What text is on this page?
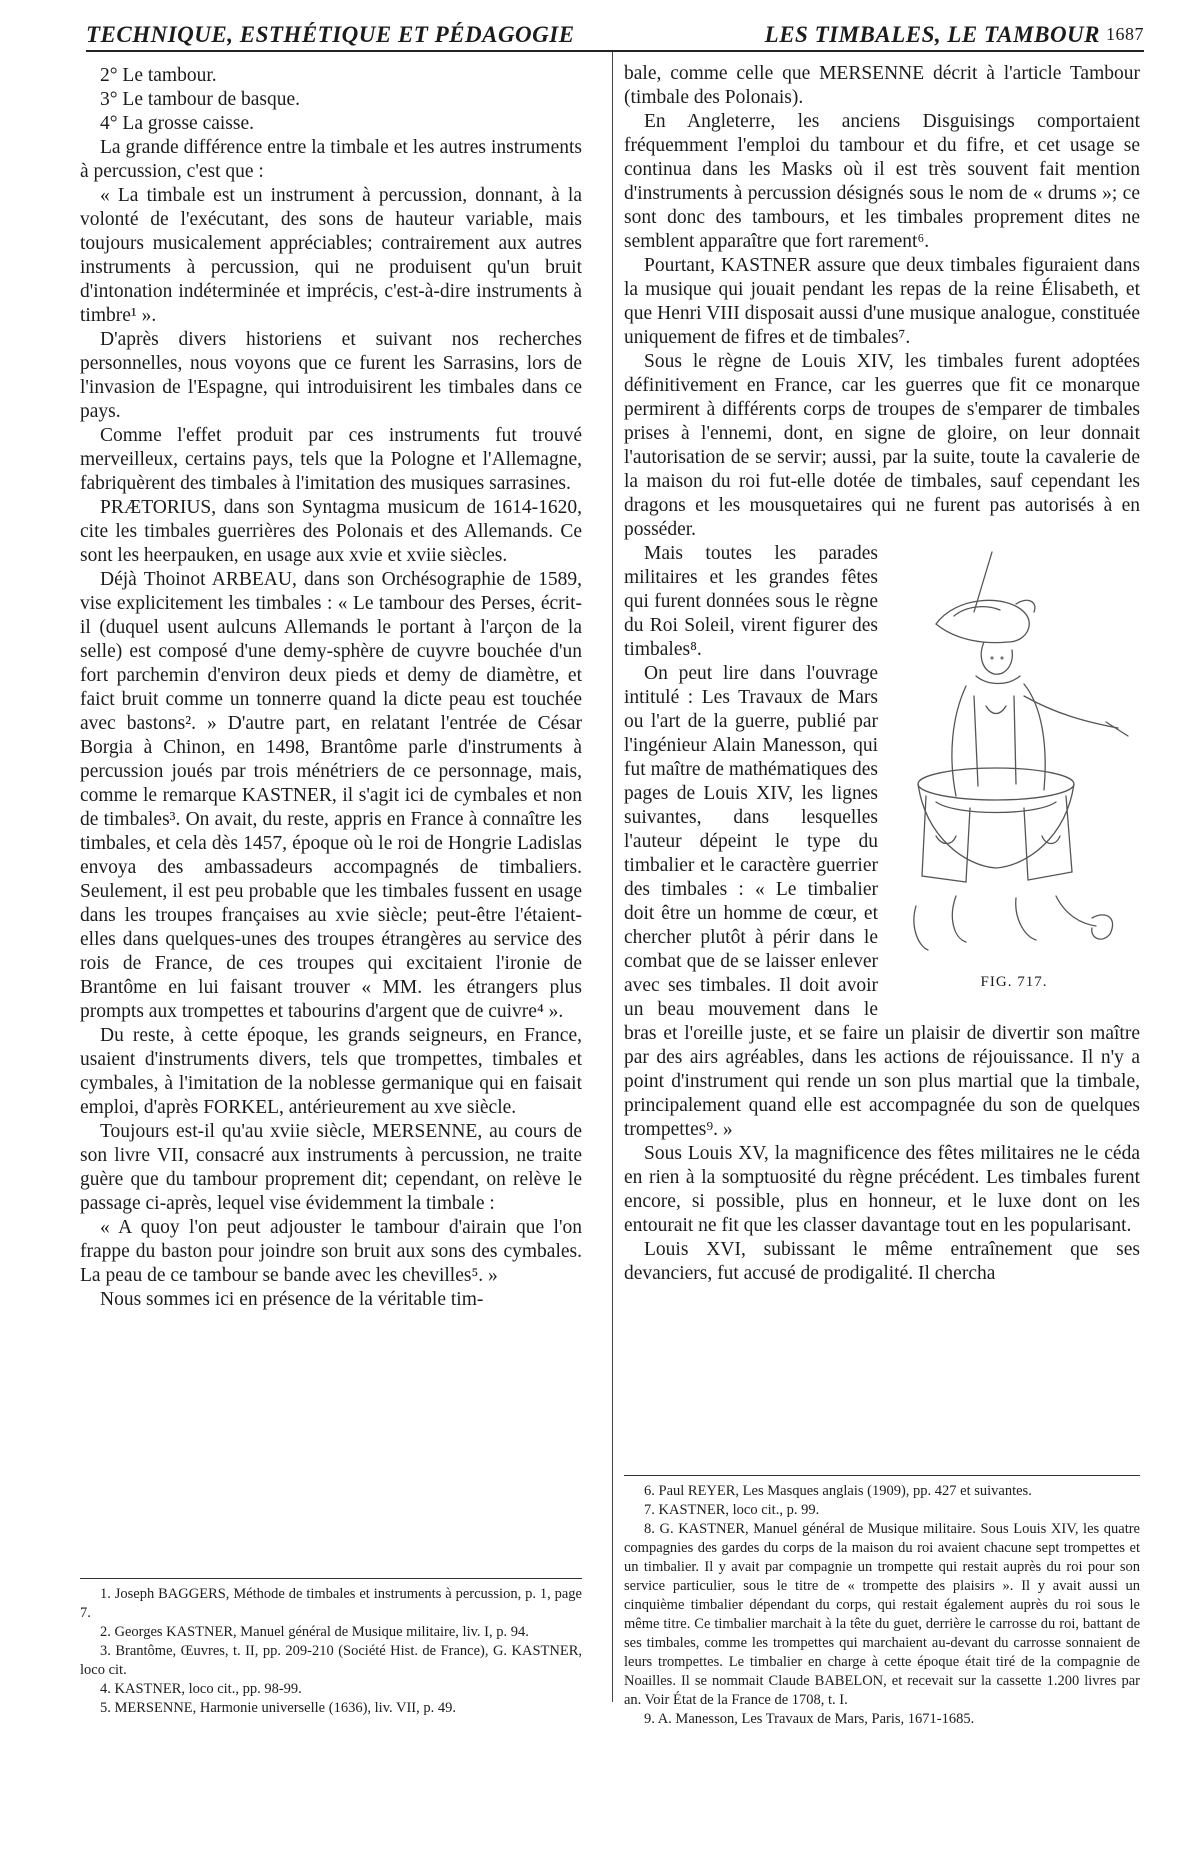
TECHNIQUE, ESTHÉTIQUE ET PÉDAGOGIE	LES TIMBALES, LE TAMBOUR 1687

2° Le tambour.

3° Le tambour de basque.

4° La grosse caisse.

La grande différence entre la timbale et les autres instruments à percussion, c'est que :

« La timbale est un instrument à percussion, donnant, à la volonté de l'exécutant, des sons de hauteur variable, mais toujours musicalement appréciables; contrairement aux autres instruments à percussion, qui ne produisent qu'un bruit d'intonation indéterminée et imprécis, c'est-à-dire instruments à timbre¹ ».

D'après divers historiens et suivant nos recherches personnelles, nous voyons que ce furent les Sarrasins, lors de l'invasion de l'Espagne, qui introduisirent les timbales dans ce pays.

Comme l'effet produit par ces instruments fut trouvé merveilleux, certains pays, tels que la Pologne et l'Allemagne, fabriquèrent des timbales à l'imitation des musiques sarrasines.

PRÆTORIUS, dans son Syntagma musicum de 1614-1620, cite les timbales guerrières des Polonais et des Allemands. Ce sont les heerpauken, en usage aux xvie et xviie siècles.

Déjà Thoinot ARBEAU, dans son Orchésographie de 1589, vise explicitement les timbales : « Le tambour des Perses, écrit-il (duquel usent aulcuns Allemands le portant à l'arçon de la selle) est composé d'une demy-sphère de cuyvre bouchée d'un fort parchemin d'environ deux pieds et demy de diamètre, et faict bruit comme un tonnerre quand la dicte peau est touchée avec bastons². » D'autre part, en relatant l'entrée de César Borgia à Chinon, en 1498, Brantôme parle d'instruments à percussion joués par trois ménétriers de ce personnage, mais, comme le remarque KASTNER, il s'agit ici de cymbales et non de timbales³. On avait, du reste, appris en France à connaître les timbales, et cela dès 1457, époque où le roi de Hongrie Ladislas envoya des ambassadeurs accompagnés de timbaliers. Seulement, il est peu probable que les timbales fussent en usage dans les troupes françaises au xvie siècle; peut-être l'étaient-elles dans quelques-unes des troupes étrangères au service des rois de France, de ces troupes qui excitaient l'ironie de Brantôme en lui faisant trouver « MM. les étrangers plus prompts aux trompettes et tabourins d'argent que de cuivre⁴ ».

Du reste, à cette époque, les grands seigneurs, en France, usaient d'instruments divers, tels que trompettes, timbales et cymbales, à l'imitation de la noblesse germanique qui en faisait emploi, d'après FORKEL, antérieurement au xve siècle.

Toujours est-il qu'au xviie siècle, MERSENNE, au cours de son livre VII, consacré aux instruments à percussion, ne traite guère que du tambour proprement dit; cependant, on relève le passage ci-après, lequel vise évidemment la timbale :

« A quoy l'on peut adjouster le tambour d'airain que l'on frappe du baston pour joindre son bruit aux sons des cymbales. La peau de ce tambour se bande avec les chevilles⁵. »

Nous sommes ici en présence de la véritable tim-

bale, comme celle que MERSENNE décrit à l'article Tambour (timbale des Polonais).

En Angleterre, les anciens Disguisings comportaient fréquemment l'emploi du tambour et du fifre, et cet usage se continua dans les Masks où il est très souvent fait mention d'instruments à percussion désignés sous le nom de « drums »; ce sont donc des tambours, et les timbales proprement dites ne semblent apparaître que fort rarement⁶.

Pourtant, KASTNER assure que deux timbales figuraient dans la musique qui jouait pendant les repas de la reine Élisabeth, et que Henri VIII disposait aussi d'une musique analogue, constituée uniquement de fifres et de timbales⁷.

Sous le règne de Louis XIV, les timbales furent adoptées définitivement en France, car les guerres que fit ce monarque permirent à différents corps de troupes de s'emparer de timbales prises à l'ennemi, dont, en signe de gloire, on leur donnait l'autorisation de se servir; aussi, par la suite, toute la cavalerie de la maison du roi fut-elle dotée de timbales, sauf cependant les dragons et les mousquetaires qui ne furent pas autorisés à en posséder.

FIG. 717.

Mais toutes les parades militaires et les grandes fêtes qui furent données sous le règne du Roi Soleil, virent figurer des timbales⁸.

On peut lire dans l'ouvrage intitulé : Les Travaux de Mars ou l'art de la guerre, publié par l'ingénieur Alain Manesson, qui fut maître de mathématiques des pages de Louis XIV, les lignes suivantes, dans lesquelles l'auteur dépeint le type du timbalier et le caractère guerrier des timbales : « Le timbalier doit être un homme de cœur, et chercher plutôt à périr dans le combat que de se laisser enlever avec ses timbales. Il doit avoir un beau mouvement dans le bras et l'oreille juste, et se faire un plaisir de divertir son maître par des airs agréables, dans les actions de réjouissance. Il n'y a point d'instrument qui rende un son plus martial que la timbale, principalement quand elle est accompagnée du son de quelques trompettes⁹. »

Sous Louis XV, la magnificence des fêtes militaires ne le céda en rien à la somptuosité du règne précédent. Les timbales furent encore, si possible, plus en honneur, et le luxe dont on les entourait ne fit que les classer davantage tout en les popularisant.

Louis XVI, subissant le même entraînement que ses devanciers, fut accusé de prodigalité. Il chercha

1. Joseph BAGGERS, Méthode de timbales et instruments à percussion, p. 1, page 7.

2. Georges KASTNER, Manuel général de Musique militaire, liv. I, p. 94.

3. Brantôme, Œuvres, t. II, pp. 209-210 (Société Hist. de France), G. KASTNER, loco cit.

4. KASTNER, loco cit., pp. 98-99.

5. MERSENNE, Harmonie universelle (1636), liv. VII, p. 49.

6. Paul REYER, Les Masques anglais (1909), pp. 427 et suivantes.

7. KASTNER, loco cit., p. 99.

8. G. KASTNER, Manuel général de Musique militaire. Sous Louis XIV, les quatre compagnies des gardes du corps de la maison du roi avaient chacune sept trompettes et un timbalier. Il y avait par compagnie un trompette qui restait auprès du roi pour son service particulier, sous le titre de « trompette des plaisirs ». Il y avait aussi un cinquième timbalier dépendant du corps, qui restait également auprès du roi sous le même titre. Ce timbalier marchait à la tête du guet, derrière le carrosse du roi, battant de ses timbales, comme les trompettes qui marchaient au-devant du carrosse sonnaient de leurs trompettes. Le timbalier en charge à cette époque était tiré de la compagnie de Noailles. Il se nommait Claude BABELON, et recevait sur la cassette 1.200 livres par an. Voir État de la France de 1708, t. I.

9. A. Manesson, Les Travaux de Mars, Paris, 1671-1685.
